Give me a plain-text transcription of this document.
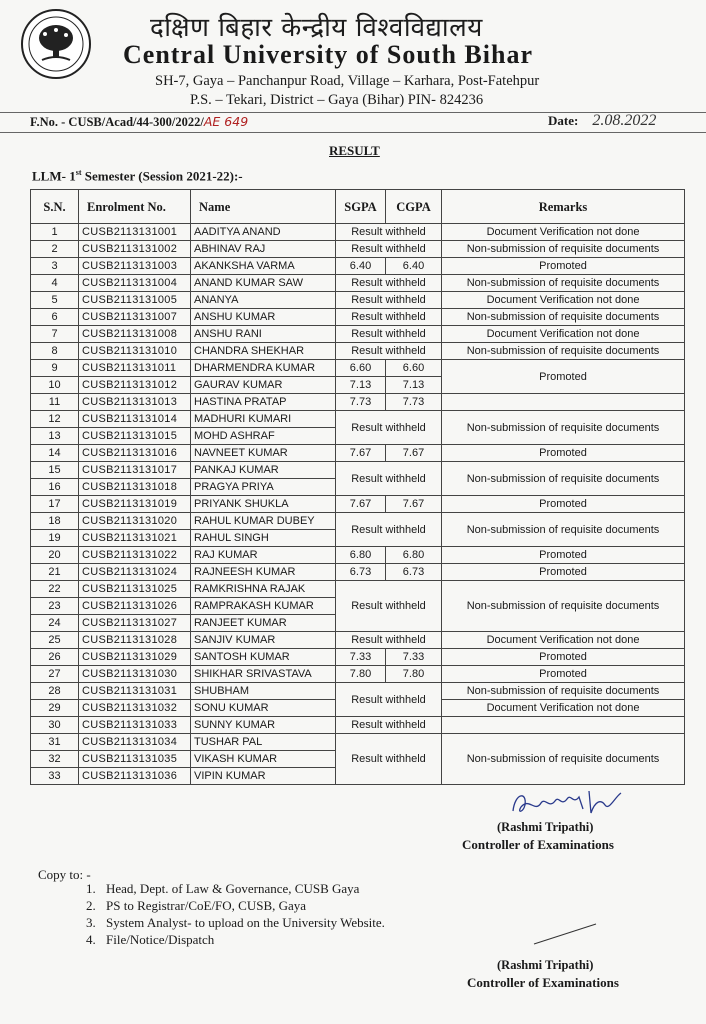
दक्षिण बिहार केन्द्रीय विश्वविद्यालय
Central University of South Bihar
SH-7, Gaya – Panchanpur Road, Village – Karhara, Post-Fatehpur
P.S. – Tekari, District – Gaya (Bihar) PIN- 824236
F.No. - CUSB/Acad/44-300/2022/AE 649	Date: 2.08.2022
RESULT
LLM- 1st Semester (Session 2021-22):-
S.N.	Enrolment No.	Name	SGPA	CGPA	Remarks
1	CUSB2113131001	AADITYA ANAND	Result withheld		Document Verification not done
2	CUSB2113131002	ABHINAV RAJ	Result withheld		Non-submission of requisite documents
3	CUSB2113131003	AKANKSHA VARMA	6.40	6.40	Promoted
4	CUSB2113131004	ANAND KUMAR SAW	Result withheld		Non-submission of requisite documents
5	CUSB2113131005	ANANYA	Result withheld		Document Verification not done
6	CUSB2113131007	ANSHU KUMAR	Result withheld		Non-submission of requisite documents
7	CUSB2113131008	ANSHU RANI	Result withheld		Document Verification not done
8	CUSB2113131010	CHANDRA SHEKHAR	Result withheld		Non-submission of requisite documents
9	CUSB2113131011	DHARMENDRA KUMAR	6.60	6.60	Promoted
10	CUSB2113131012	GAURAV KUMAR	7.13	7.13	
11	CUSB2113131013	HASTINA PRATAP	7.73	7.73	
12	CUSB2113131014	MADHURI KUMARI	Result withheld		Non-submission of requisite documents
13	CUSB2113131015	MOHD ASHRAF			
14	CUSB2113131016	NAVNEET KUMAR	7.67	7.67	Promoted
15	CUSB2113131017	PANKAJ KUMAR	Result withheld		Non-submission of requisite documents
16	CUSB2113131018	PRAGYA PRIYA			
17	CUSB2113131019	PRIYANK SHUKLA	7.67	7.67	Promoted
18	CUSB2113131020	RAHUL KUMAR DUBEY	Result withheld		Non-submission of requisite documents
19	CUSB2113131021	RAHUL SINGH			
20	CUSB2113131022	RAJ KUMAR	6.80	6.80	Promoted
21	CUSB2113131024	RAJNEESH KUMAR	6.73	6.73	Promoted
22	CUSB2113131025	RAMKRISHNA RAJAK	Result withheld		Non-submission of requisite documents
23	CUSB2113131026	RAMPRAKASH KUMAR			
24	CUSB2113131027	RANJEET KUMAR			
25	CUSB2113131028	SANJIV KUMAR	Result withheld		Document Verification not done
26	CUSB2113131029	SANTOSH KUMAR	7.33	7.33	Promoted
27	CUSB2113131030	SHIKHAR SRIVASTAVA	7.80	7.80	Promoted
28	CUSB2113131031	SHUBHAM	Result withheld		Non-submission of requisite documents
29	CUSB2113131032	SONU KUMAR			Document Verification not done
30	CUSB2113131033	SUNNY KUMAR	Result withheld		
31	CUSB2113131034	TUSHAR PAL	Result withheld		Non-submission of requisite documents
32	CUSB2113131035	VIKASH KUMAR			
33	CUSB2113131036	VIPIN KUMAR			
(Rashmi Tripathi)
Controller of Examinations
Copy to: -
1. Head, Dept. of Law & Governance, CUSB Gaya
2. PS to Registrar/CoE/FO, CUSB, Gaya
3. System Analyst- to upload on the University Website.
4. File/Notice/Dispatch
(Rashmi Tripathi)
Controller of Examinations
